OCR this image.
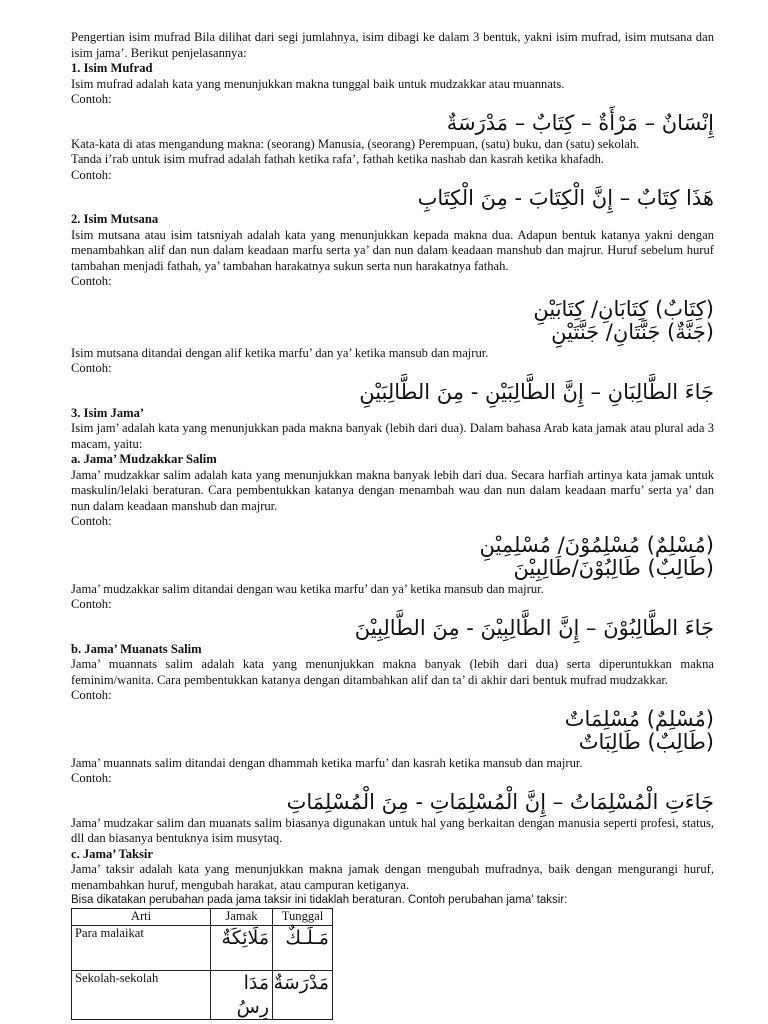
Pengertian isim mufrad Bila dilihat dari segi jumlahnya, isim dibagi ke dalam 3 bentuk, yakni isim mufrad, isim mutsana dan isim jama’. Berikut penjelasannya:

1. Isim Mufrad

Isim mufrad adalah kata yang menunjukkan makna tunggal baik untuk mudzakkar atau muannats.

Contoh:

إِنْسَانٌ – مَرْأَةٌ – كِتَابٌ – مَدْرَسَةٌ

Kata-kata di atas mengandung makna: (seorang) Manusia, (seorang) Perempuan, (satu) buku, dan (satu) sekolah.

Tanda i’rab untuk isim mufrad adalah fathah ketika rafa’, fathah ketika nashab dan kasrah ketika khafadh.

Contoh:

هَذَا كِتَابٌ – إِنَّ الْكِتَابَ - مِنَ الْكِتَابِ

2. Isim Mutsana

Isim mutsana atau isim tatsniyah adalah kata yang menunjukkan kepada makna dua. Adapun bentuk katanya yakni dengan menambahkan alif dan nun dalam keadaan marfu serta ya’ dan nun dalam keadaan manshub dan majrur. Huruf sebelum huruf tambahan menjadi fathah, ya’ tambahan harakatnya sukun serta nun harakatnya fathah.

Contoh:

(كِتَابٌ) كِتَابَانِ/ كِتَابَيْنِ

(جَنَّةٌ) جَنَّتَانِ/ جَنَّتَيْنِ

Isim mutsana ditandai dengan alif ketika marfu’ dan ya’ ketika mansub dan majrur.

Contoh:

جَاءَ الطَّالِبَانِ – إِنَّ الطَّالِبَيْنِ - مِنَ الطَّالِبَيْنِ

3. Isim Jama’

Isim jam’ adalah kata yang menunjukkan pada makna banyak (lebih dari dua). Dalam bahasa Arab kata jamak atau plural ada 3 macam, yaitu:

a. Jama’ Mudzakkar Salim

Jama’ mudzakkar salim adalah kata yang menunjukkan makna banyak lebih dari dua. Secara harfiah artinya kata jamak untuk maskulin/lelaki beraturan. Cara pembentukkan katanya dengan menambah wau dan nun dalam keadaan marfu’ serta ya’ dan nun dalam keadaan manshub dan majrur.

Contoh:

(مُسْلِمٌ) مُسْلِمُوْنَ/ مُسْلِمِيْنِ

(طَالِبٌ) طَالِبُوْنَ/طَالِبِيْنَ

Jama’ mudzakkar salim ditandai dengan wau ketika marfu’ dan ya’ ketika mansub dan majrur.

Contoh:

جَاءَ الطَّالِبُوْنَ – إِنَّ الطَّالِبِيْنَ - مِنَ الطَّالِبِيْنَ

b. Jama’ Muanats Salim

Jama’ muannats salim adalah kata yang menunjukkan makna banyak (lebih dari dua) serta diperuntukkan makna feminim/wanita. Cara pembentukkan katanya dengan ditambahkan alif dan ta’ di akhir dari bentuk mufrad mudzakkar.

Contoh:

(مُسْلِمٌ) مُسْلِمَاتٌ

(طَالِبٌ) طَالِبَاتٌ

Jama’ muannats salim ditandai dengan dhammah ketika marfu’ dan kasrah ketika mansub dan majrur.

Contoh:

جَاءَتِ الْمُسْلِمَاتُ – إِنَّ الْمُسْلِمَاتِ - مِنَ الْمُسْلِمَاتِ

Jama’ mudzakar salim dan muanats salim biasanya digunakan untuk hal yang berkaitan dengan manusia seperti profesi, status, dll dan biasanya bentuknya isim musytaq.

c. Jama’ Taksir

Jama’ taksir adalah kata yang menunjukkan makna jamak dengan mengubah mufradnya, baik dengan mengurangi huruf, menambahkan huruf, mengubah harakat, atau campuran ketiganya.

Bisa dikatakan perubahan pada jama taksir ini tidaklah beraturan. Contoh perubahan jama' taksir:

Arti	Jamak	Tunggal
Para malaikat	مَلَائِكَةٌ	مَـلَـكٌ
Sekolah-sekolah	مَدَارِسُ	مَدْرَسَةٌ
